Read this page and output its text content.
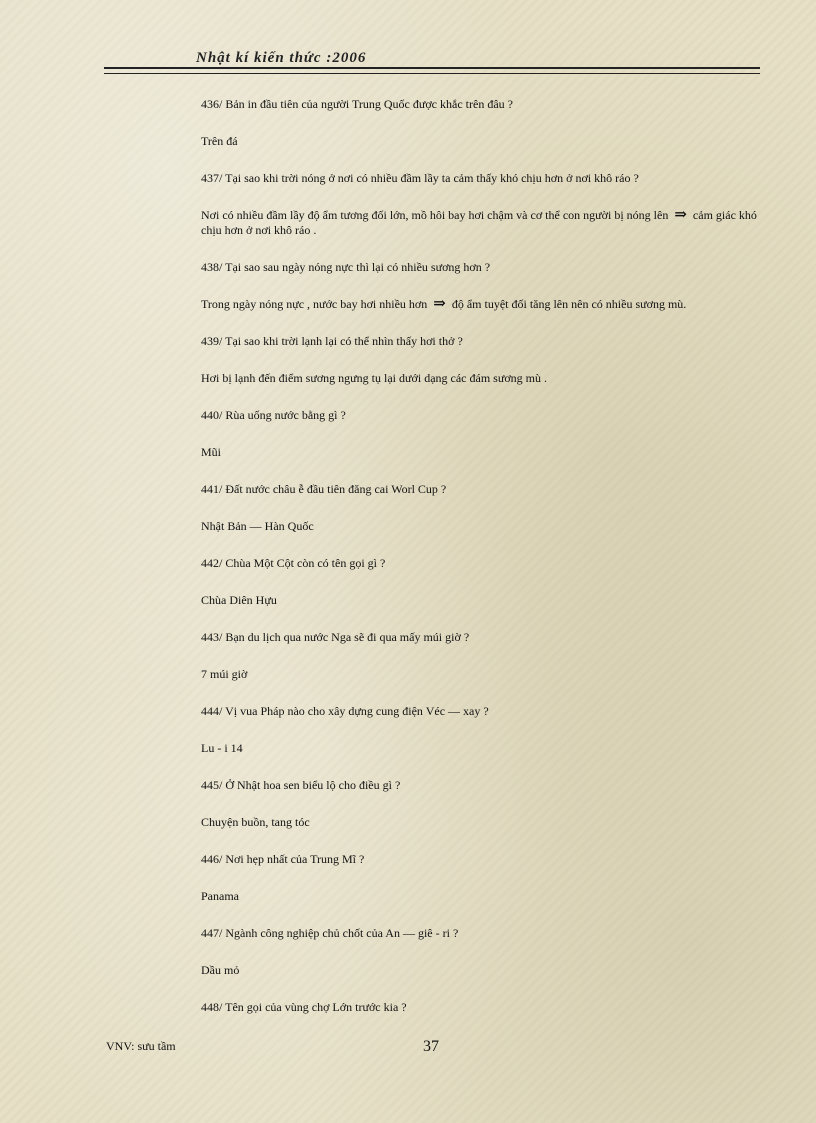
Nhật kí kiến thức :2006
436/ Bản in đầu tiên của người Trung Quốc được khắc trên đâu ?
Trên đá
437/ Tại sao khi trời nóng ở nơi có nhiều đầm lầy ta cảm thấy khó chịu hơn ở nơi khô ráo ?
Nơi có nhiều đầm lầy độ ẩm tương đối lớn, mồ hôi bay hơi chậm và cơ thể con người bị nóng lên ⇒ cảm giác khó chịu hơn ở nơi khô ráo .
438/ Tại sao sau ngày nóng nực thì lại có nhiều sương hơn ?
Trong ngày nóng nực , nước bay hơi nhiều hơn ⇒ độ ẩm tuyệt đối tăng lên nên có nhiều sương mù.
439/ Tại sao khi trời lạnh lại có thể nhìn thấy hơi thở ?
Hơi bị lạnh đến điểm sương ngưng tụ lại dưới dạng các đám sương mù .
440/ Rùa uống nước bằng gì ?
Mũi
441/ Đất nước châu ễ đầu tiên đăng cai Worl Cup ?
Nhật Bản — Hàn Quốc
442/ Chùa Một Cột còn có tên gọi gì ?
Chùa Diên Hựu
443/ Bạn du lịch qua nước Nga sẽ đi qua mấy múi giờ ?
7 múi giờ
444/ Vị vua Pháp nào cho xây dựng cung điện Véc — xay ?
Lu - i 14
445/ Ở Nhật hoa sen biểu lộ cho điều gì ?
Chuyện buồn, tang tóc
446/ Nơi hẹp nhất của Trung Mĩ ?
Panama
447/ Ngành công nghiệp chủ chốt của An — giê - ri ?
Dầu mỏ
448/ Tên gọi của vùng chợ Lớn trước kia ?
VNV: sưu tầm	37
